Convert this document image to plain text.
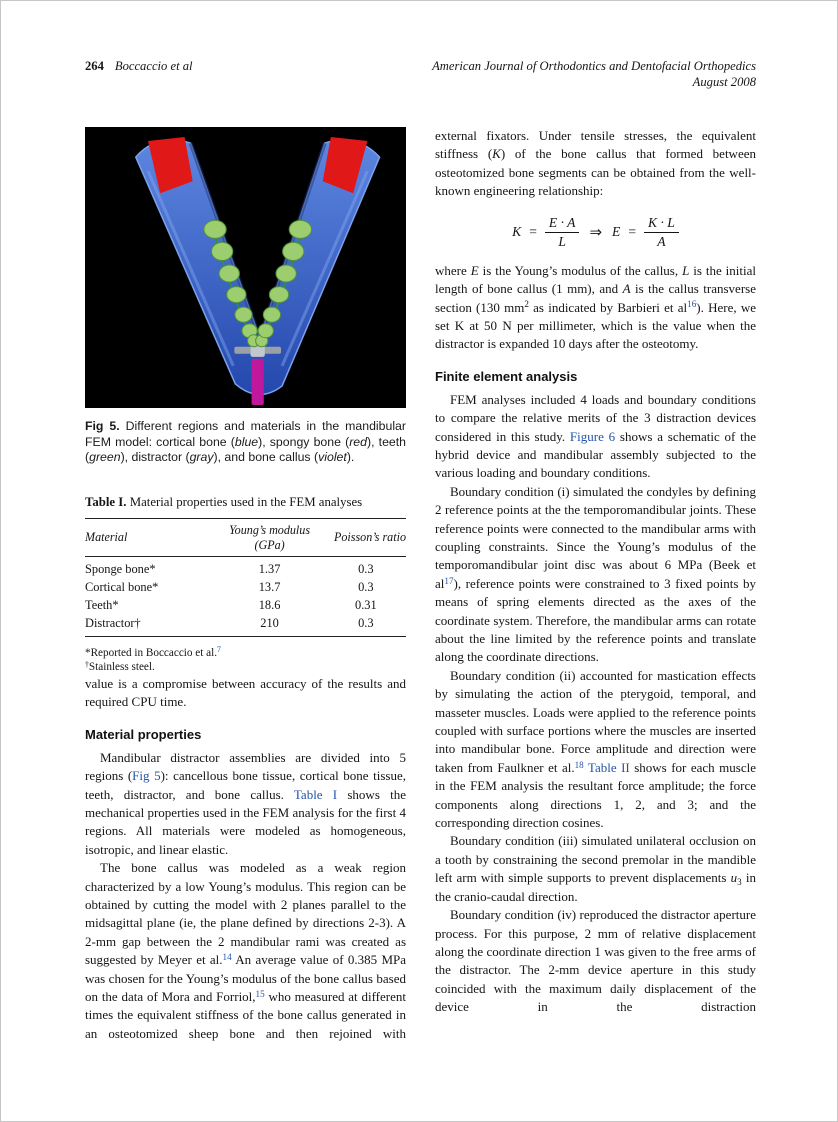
264 Boccaccio et al	American Journal of Orthodontics and Dentofacial Orthopedics
August 2008
Fig 5. Different regions and materials in the mandibular FEM model: cortical bone (blue), spongy bone (red), teeth (green), distractor (gray), and bone callus (violet).
Table I. Material properties used in the FEM analyses
Material	Young’s modulus (GPa)	Poisson’s ratio
Sponge bone*	1.37	0.3
Cortical bone*	13.7	0.3
Teeth*	18.6	0.31
Distractor†	210	0.3
*Reported in Boccaccio et al.$^7$
†Stainless steel.

value is a compromise between accuracy of the results and required CPU time.

Material properties

Mandibular distractor assemblies are divided into 5 regions (Fig 5): cancellous bone tissue, cortical bone tissue, teeth, distractor, and bone callus. Table I shows the mechanical properties used in the FEM analysis for the first 4 regions. All materials were modeled as homogeneous, isotropic, and linear elastic.

The bone callus was modeled as a weak region characterized by a low Young’s modulus. This region can be obtained by cutting the model with 2 planes parallel to the midsagittal plane (ie, the plane defined by directions 2-3). A 2-mm gap between the 2 mandibular rami was created as suggested by Meyer et al.$^{14}$ An average value of 0.385 MPa was chosen for the Young’s modulus of the bone callus based on the data of Mora and Forriol,$^{15}$ who measured at different times the equivalent stiffness of the bone callus generated in an osteotomized sheep bone and then rejoined with

external fixators. Under tensile stresses, the equivalent stiffness (K) of the bone callus that formed between osteotomized bone segments can be obtained from the well-known engineering relationship:

$K = \frac{E \cdot A}{L}$ ⇒ $E = \frac{K \cdot L}{A}$

where E is the Young’s modulus of the callus, L is the initial length of bone callus (1 mm), and A is the callus transverse section (130 $mm^2$ as indicated by Barbieri et $al^{16}$). Here, we set K at 50 N per millimeter, which is the value when the distractor is expanded 10 days after the osteotomy.

Finite element analysis

FEM analyses included 4 loads and boundary conditions to compare the relative merits of the 3 distraction devices considered in this study. Figure 6 shows a schematic of the hybrid device and mandibular assembly subjected to the various loading and boundary conditions.

Boundary condition (i) simulated the condyles by defining 2 reference points at the the temporomandibular joints. These reference points were connected to the mandibular arms with coupling constraints. Since the Young’s modulus of the temporomandibular joint disc was about 6 MPa (Beek et $al^{17}$), reference points were constrained to 3 fixed points by means of spring elements directed as the axes of the coordinate system. Therefore, the mandibular arms can rotate about the line limited by the reference points and translate along the coordinate directions.

Boundary condition (ii) accounted for mastication effects by simulating the action of the pterygoid, temporal, and masseter muscles. Loads were applied to the reference points coupled with surface portions where the muscles are inserted into mandibular bone. Force amplitude and direction were taken from Faulkner et al.$^{18}$ Table II shows for each muscle in the FEM analysis the resultant force amplitude; the force components along directions 1, 2, and 3; and the corresponding direction cosines.

Boundary condition (iii) simulated unilateral occlusion on a tooth by constraining the second premolar in the mandible left arm with simple supports to prevent displacements u3 in the cranio-caudal direction.

Boundary condition (iv) reproduced the distractor aperture process. For this purpose, 2 mm of relative displacement along the coordinate direction 1 was given to the free arms of the distractor. The 2-mm device aperture in this study coincided with the maximum daily displacement of the device in the distraction
